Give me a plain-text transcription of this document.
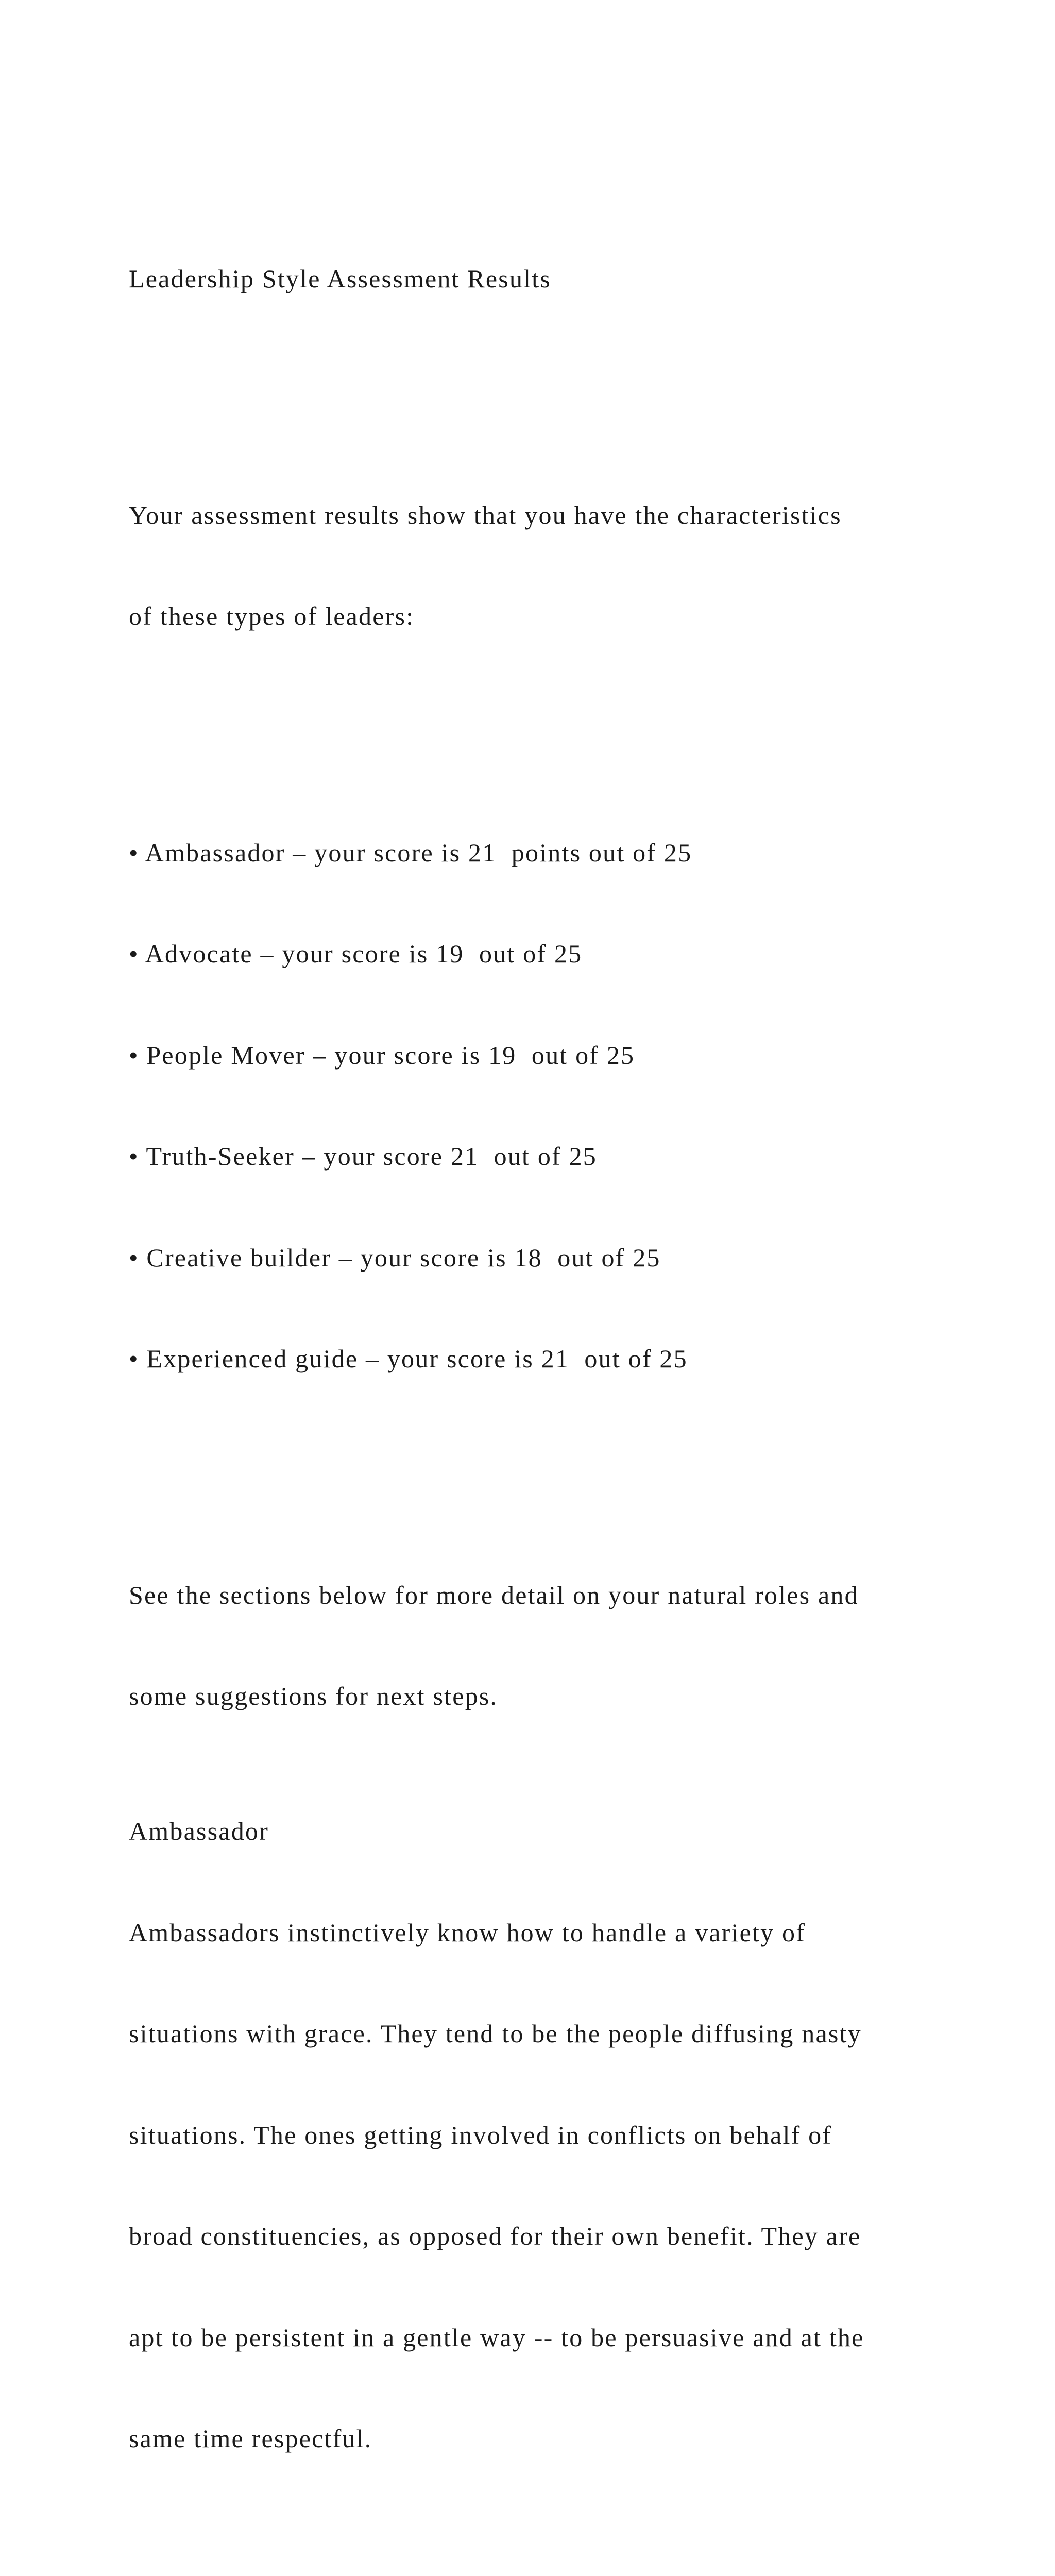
Leadership Style Assessment Results

Your assessment results show that you have the characteristics

of these types of leaders:

• Ambassador – your score is 21  points out of 25

• Advocate – your score is 19  out of 25

• People Mover – your score is 19  out of 25

• Truth-Seeker – your score 21  out of 25

• Creative builder – your score is 18  out of 25

• Experienced guide – your score is 21  out of 25

See the sections below for more detail on your natural roles and

some suggestions for next steps.

Ambassador

Ambassadors instinctively know how to handle a variety of

situations with grace. They tend to be the people diffusing nasty

situations. The ones getting involved in conflicts on behalf of

broad constituencies, as opposed for their own benefit. They are

apt to be persistent in a gentle way -- to be persuasive and at the

same time respectful.
